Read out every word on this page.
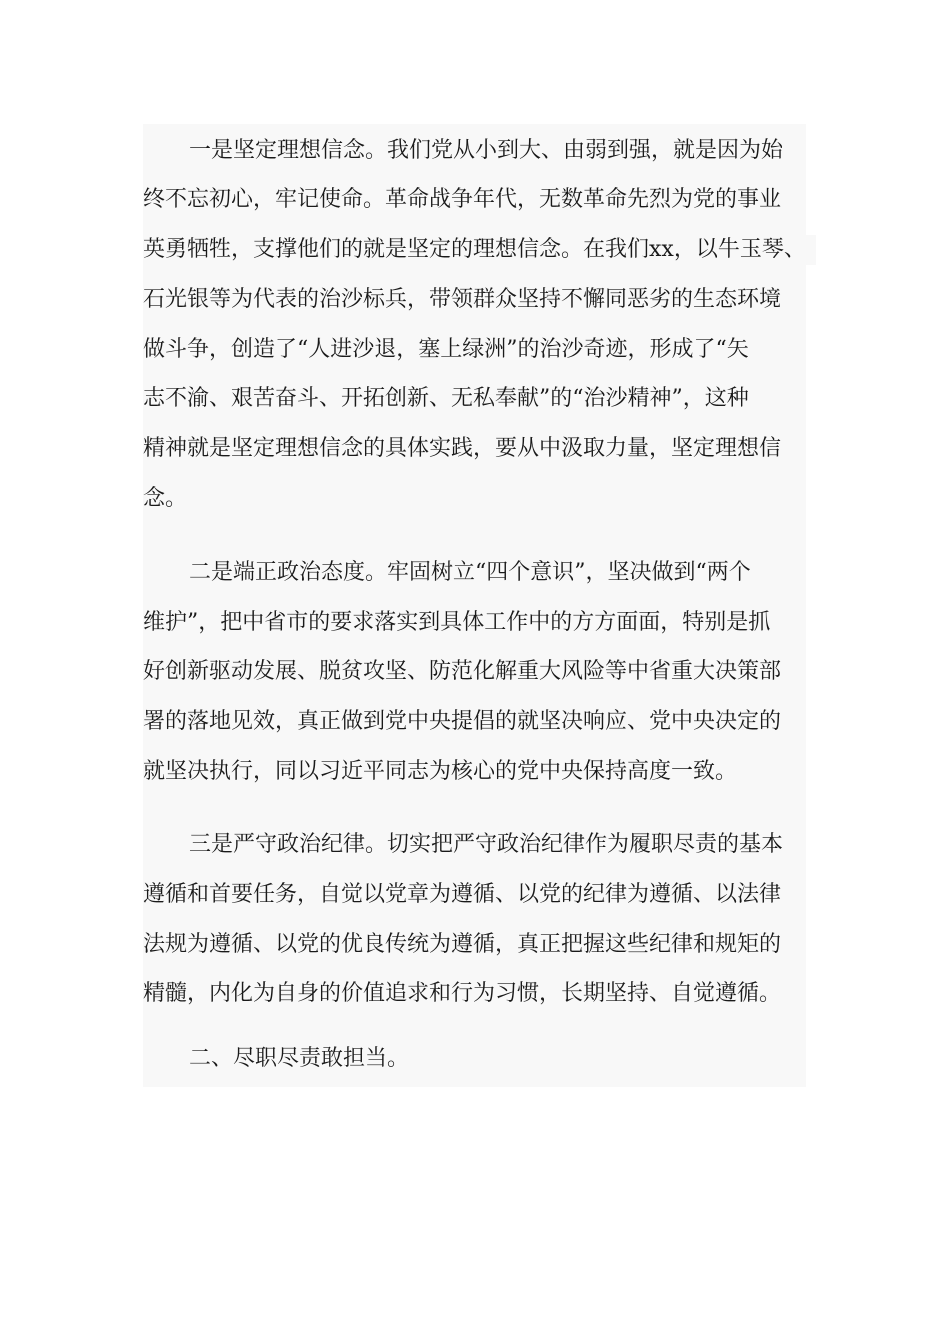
一是坚定理想信念。我们党从小到大、由弱到强，就是因为始
终不忘初心，牢记使命。革命战争年代，无数革命先烈为党的事业
英勇牺牲，支撑他们的就是坚定的理想信念。在我们xx，以牛玉琴、
石光银等为代表的治沙标兵，带领群众坚持不懈同恶劣的生态环境
做斗争，创造了“人进沙退，塞上绿洲”的治沙奇迹，形成了“矢
志不渝、艰苦奋斗、开拓创新、无私奉献”的“治沙精神”，这种
精神就是坚定理想信念的具体实践，要从中汲取力量，坚定理想信
念。
二是端正政治态度。牢固树立“四个意识”，坚决做到“两个
维护”，把中省市的要求落实到具体工作中的方方面面，特别是抓
好创新驱动发展、脱贫攻坚、防范化解重大风险等中省重大决策部
署的落地见效，真正做到党中央提倡的就坚决响应、党中央决定的
就坚决执行，同以习近平同志为核心的党中央保持高度一致。
三是严守政治纪律。切实把严守政治纪律作为履职尽责的基本
遵循和首要任务，自觉以党章为遵循、以党的纪律为遵循、以法律
法规为遵循、以党的优良传统为遵循，真正把握这些纪律和规矩的
精髓，内化为自身的价值追求和行为习惯，长期坚持、自觉遵循。
二、尽职尽责敢担当。
